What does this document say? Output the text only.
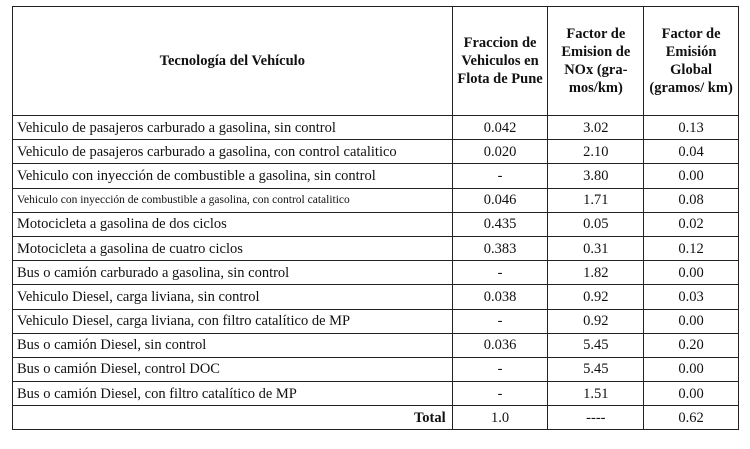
Tecnología del Vehículo	Fraccion de Vehiculos en Flota de Pune	Factor de Emision de NOx (gra-mos/km)	Factor de Emisión Global (gramos/ km)
Vehiculo de pasajeros carburado a gasolina, sin control	0.042	3.02	0.13
Vehiculo de pasajeros carburado a gasolina, con control catalitico	0.020	2.10	0.04
Vehiculo con inyección de combustible a gasolina, sin control	-	3.80	0.00
Vehiculo con inyección de combustible a gasolina, con control catalitico	0.046	1.71	0.08
Motocicleta a gasolina de dos ciclos	0.435	0.05	0.02
Motocicleta a gasolina de cuatro ciclos	0.383	0.31	0.12
Bus o camión carburado a gasolina, sin control	-	1.82	0.00
Vehiculo Diesel, carga liviana, sin control	0.038	0.92	0.03
Vehiculo Diesel, carga liviana, con filtro catalítico de MP	-	0.92	0.00
Bus o camión Diesel, sin control	0.036	5.45	0.20
Bus o camión Diesel, control DOC	-	5.45	0.00
Bus o camión Diesel, con filtro catalítico de MP	-	1.51	0.00
Total	1.0	----	0.62
